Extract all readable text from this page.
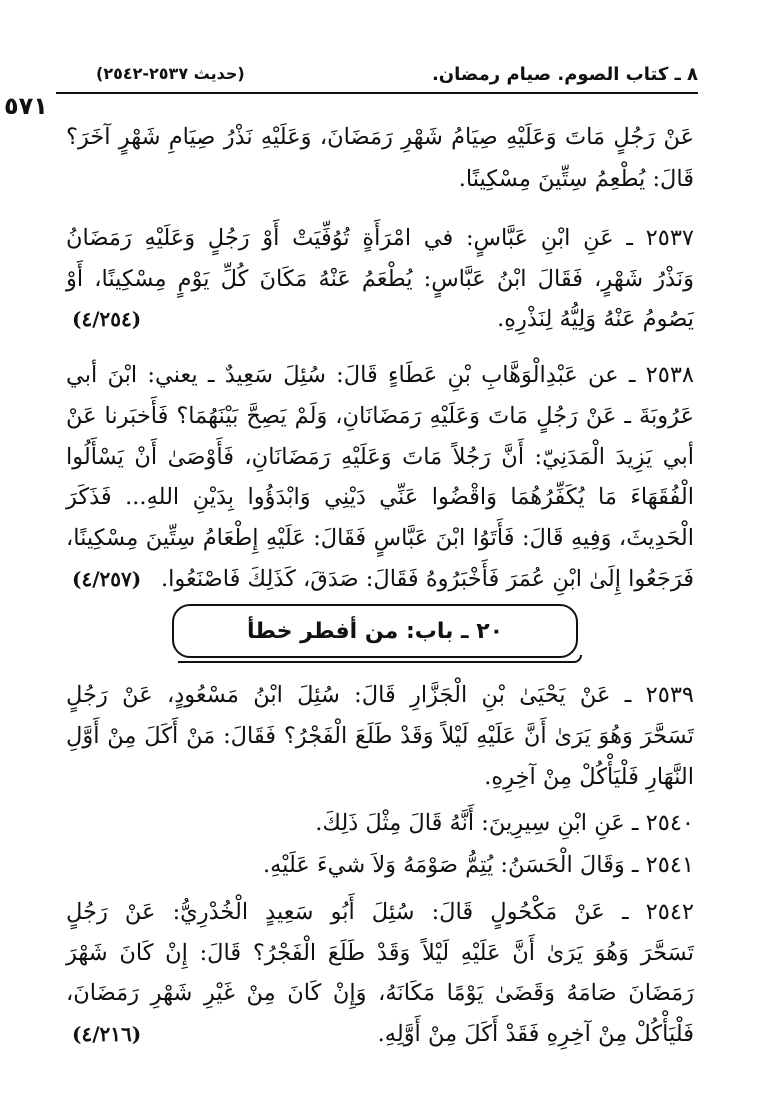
٨ ـ كتاب الصوم. صيام رمضان.
(حديث ٢٥٣٧-٢٥٤٢)
٥٧١
عَنْ رَجُلٍ مَاتَ وَعَلَيْهِ صِيَامُ شَهْرِ رَمَضَانَ، وَعَلَيْهِ نَذْرُ صِيَامِ شَهْرٍ آخَرَ؟
قَالَ: يُطْعِمُ سِتِّينَ مِسْكِينًا.
٢٥٣٧ ـ عَنِ ابْنِ عَبَّاسٍ: في امْرَأَةٍ تُوُفِّيَتْ أَوْ رَجُلٍ وَعَلَيْهِ رَمَضَانُ
وَنَذْرُ شَهْرٍ، فَقَالَ ابْنُ عَبَّاسٍ: يُطْعَمُ عَنْهُ مَكَانَ كُلِّ يَوْمٍ مِسْكِينًا، أَوْ
يَصُومُ عَنْهُ وَلِيُّهُ لِنَذْرِهِ.
(٤/٢٥٤)
٢٥٣٨ ـ عن عَبْدِالْوَهَّابِ بْنِ عَطَاءٍ قَالَ: سُئِلَ سَعِيدٌ ـ يعني: ابْنَ أبي
عَرُوبَةَ ـ عَنْ رَجُلٍ مَاتَ وَعَلَيْهِ رَمَضَانَانِ، وَلَمْ يَصِحَّ بَيْنَهُمَا؟ فَأَخبَرنا عَنْ
أبي يَزِيدَ الْمَدَنِيّ: أَنَّ رَجُلاً مَاتَ وَعَلَيْهِ رَمَضَانَانِ، فَأَوْصَىٰ أَنْ يَسْأَلُوا
الْفُقَهَاءَ مَا يُكَفِّرُهُمَا وَاقْضُوا عَنِّي دَيْنِي وَابْدَؤُوا بِدَيْنِ اللهِ... فَذَكَرَ
الْحَدِيثَ، وَفِيهِ قَالَ: فَأَتَوُا ابْنَ عَبَّاسٍ فَقَالَ: عَلَيْهِ إِطْعَامُ سِتِّينَ مِسْكِينًا،
فَرَجَعُوا إِلَىٰ ابْنِ عُمَرَ فَأَخْبَرُوهُ فَقَالَ: صَدَقَ، كَذَلِكَ فَاصْنَعُوا.
(٤/٢٥٧)
٢٠ ـ باب: من أفطر خطأ
٢٥٣٩ ـ عَنْ يَحْيَىٰ بْنِ الْجَزَّارِ قَالَ: سُئِلَ ابْنُ مَسْعُودٍ، عَنْ رَجُلٍ
تَسَحَّرَ وَهُوَ يَرَىٰ أَنَّ عَلَيْهِ لَيْلاً وَقَدْ طَلَعَ الْفَجْرُ؟ فَقَالَ: مَنْ أَكَلَ مِنْ أَوَّلِ
النَّهَارِ فَلْيَأْكُلْ مِنْ آخِرِهِ.
٢٥٤٠ ـ عَنِ ابْنِ سِيرِينَ: أَنَّهُ قَالَ مِثْلَ ذَلِكَ.
٢٥٤١ ـ وَقَالَ الْحَسَنُ: يُتِمُّ صَوْمَهُ وَلاَ شيءَ عَلَيْهِ.
٢٥٤٢ ـ عَنْ مَكْحُولٍ قَالَ: سُئِلَ أَبُو سَعِيدٍ الْخُدْرِيُّ: عَنْ رَجُلٍ
تَسَحَّرَ وَهُوَ يَرَىٰ أَنَّ عَلَيْهِ لَيْلاً وَقَدْ طَلَعَ الْفَجْرُ؟ قَالَ: إِنْ كَانَ شَهْرَ
رَمَضَانَ صَامَهُ وَقَضَىٰ يَوْمًا مَكَانَهُ، وَإِنْ كَانَ مِنْ غَيْرِ شَهْرِ رَمَضَانَ،
فَلْيَأْكُلْ مِنْ آخِرِهِ فَقَدْ أَكَلَ مِنْ أَوَّلِهِ.
(٤/٢١٦)
